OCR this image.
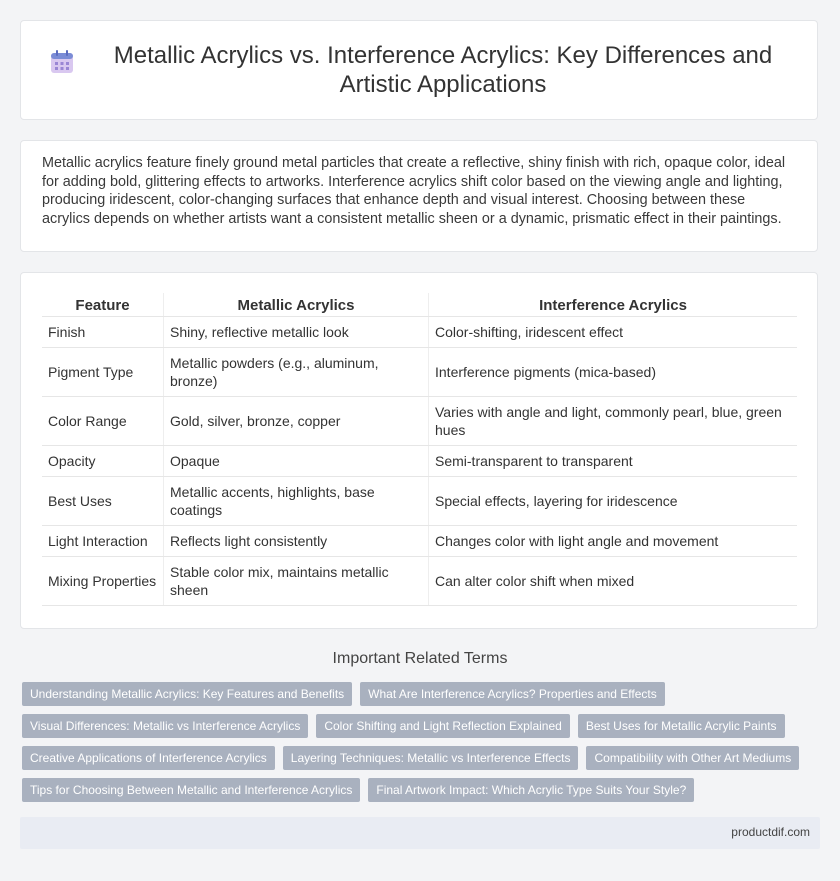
Metallic Acrylics vs. Interference Acrylics: Key Differences and Artistic Applications
Metallic acrylics feature finely ground metal particles that create a reflective, shiny finish with rich, opaque color, ideal for adding bold, glittering effects to artworks. Interference acrylics shift color based on the viewing angle and lighting, producing iridescent, color-changing surfaces that enhance depth and visual interest. Choosing between these acrylics depends on whether artists want a consistent metallic sheen or a dynamic, prismatic effect in their paintings.
Feature	Metallic Acrylics	Interference Acrylics
Finish	Shiny, reflective metallic look	Color-shifting, iridescent effect
Pigment Type	Metallic powders (e.g., aluminum, bronze)	Interference pigments (mica-based)
Color Range	Gold, silver, bronze, copper	Varies with angle and light, commonly pearl, blue, green hues
Opacity	Opaque	Semi-transparent to transparent
Best Uses	Metallic accents, highlights, base coatings	Special effects, layering for iridescence
Light Interaction	Reflects light consistently	Changes color with light angle and movement
Mixing Properties	Stable color mix, maintains metallic sheen	Can alter color shift when mixed
Important Related Terms
Understanding Metallic Acrylics: Key Features and Benefits	What Are Interference Acrylics? Properties and Effects
Visual Differences: Metallic vs Interference Acrylics	Color Shifting and Light Reflection Explained	Best Uses for Metallic Acrylic Paints
Creative Applications of Interference Acrylics	Layering Techniques: Metallic vs Interference Effects	Compatibility with Other Art Mediums
Tips for Choosing Between Metallic and Interference Acrylics	Final Artwork Impact: Which Acrylic Type Suits Your Style?
productdif.com
